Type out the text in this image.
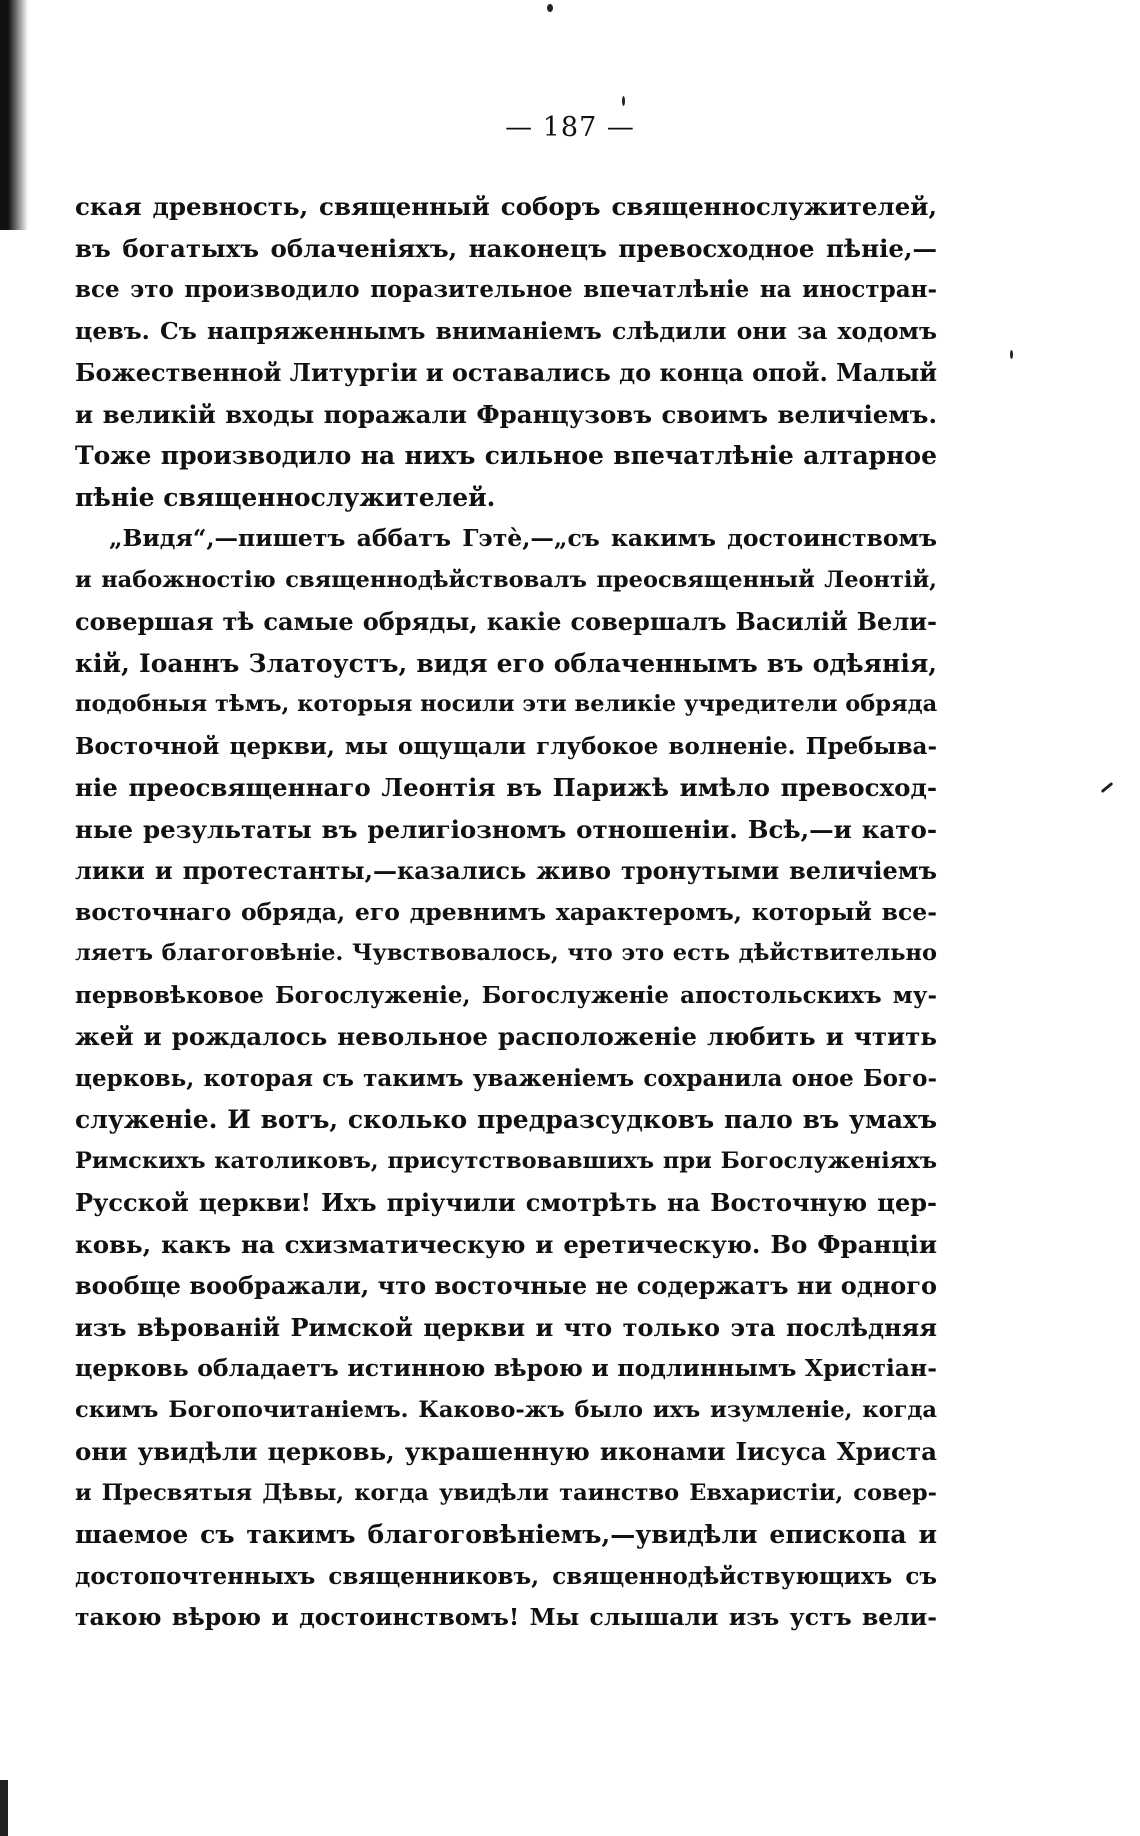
— 187 —
ская древность, священный соборъ священнослужителей,
въ богатыхъ облаченіяхъ, наконецъ превосходное пѣніе,—
все это производило поразительное впечатлѣніе на иностран-
цевъ. Съ напряженнымъ вниманіемъ слѣдили они за ходомъ
Божественной Литургіи и оставались до конца опой. Малый
и великій входы поражали Французовъ своимъ величіемъ.
Тоже производило на нихъ сильное впечатлѣніе алтарное
пѣніе священнослужителей.
„Видя“,—пишетъ аббатъ Гэтѐ,—„съ какимъ достоинствомъ
и набожностію священнодѣйствовалъ преосвященный Леонтій,
совершая тѣ самые обряды, какіе совершалъ Василій Вели-
кій, Іоаннъ Златоустъ, видя его облаченнымъ въ одѣянія,
подобныя тѣмъ, которыя носили эти великіе учредители обряда
Восточной церкви, мы ощущали глубокое волненіе. Пребыва-
ніе преосвященнаго Леонтія въ Парижѣ имѣло превосход-
ные результаты въ религіозномъ отношеніи. Всѣ,—и като-
лики и протестанты,—казались живо тронутыми величіемъ
восточнаго обряда, его древнимъ характеромъ, который все-
ляетъ благоговѣніе. Чувствовалось, что это есть дѣйствительно
первовѣковое Богослуженіе, Богослуженіе апостольскихъ му-
жей и рождалось невольное расположеніе любить и чтить
церковь, которая съ такимъ уваженіемъ сохранила оное Бого-
служеніе. И вотъ, сколько предразсудковъ пало въ умахъ
Римскихъ католиковъ, присутствовавшихъ при Богослуженіяхъ
Русской церкви! Ихъ пріучили смотрѣть на Восточную цер-
ковь, какъ на схизматическую и еретическую. Во Франціи
вообще воображали, что восточные не содержатъ ни одного
изъ вѣрованій Римской церкви и что только эта послѣдняя
церковь обладаетъ истинною вѣрою и подлиннымъ Христіан-
скимъ Богопочитаніемъ. Каково-жъ было ихъ изумленіе, когда
они увидѣли церковь, украшенную иконами Іисуса Христа
и Пресвятыя Дѣвы, когда увидѣли таинство Евхаристіи, совер-
шаемое съ такимъ благоговѣніемъ,—увидѣли епископа и
достопочтенныхъ священниковъ, священнодѣйствующихъ съ
такою вѣрою и достоинствомъ! Мы слышали изъ устъ вели-
